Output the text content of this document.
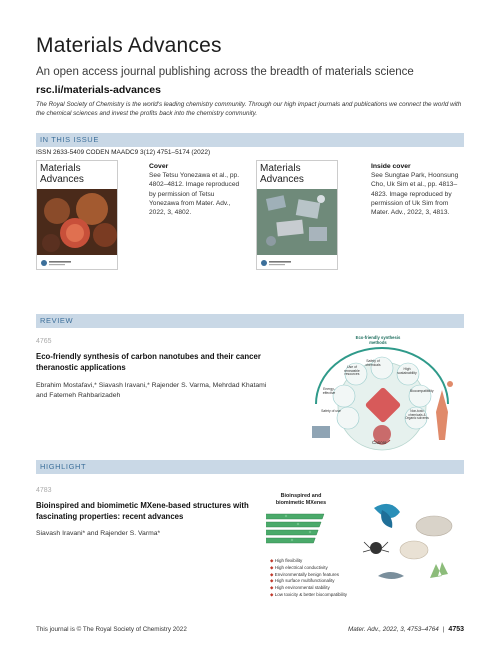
Materials Advances
An open access journal publishing across the breadth of materials science
rsc.li/materials-advances
The Royal Society of Chemistry is the world's leading chemistry community. Through our high impact journals and publications we connect the world with the chemical sciences and invest the profits back into the chemistry community.
IN THIS ISSUE
ISSN 2633-5409 CODEN MAADC9 3(12) 4751–5174 (2022)
Materials Advances
Cover
See Tetsu Yonezawa et al., pp. 4802–4812. Image reproduced by permission of Tetsu Yonezawa from Mater. Adv., 2022, 3, 4802.
Materials Advances
Inside cover
See Sungtae Park, Hoonsung Cho, Uk Sim et al., pp. 4813–4823. Image reproduced by permission of Uk Sim from Mater. Adv., 2022, 3, 4813.
REVIEW
4765
Eco-friendly synthesis of carbon nanotubes and their cancer theranostic applications
Ebrahim Mostafavi,* Siavash Iravani,* Rajender S. Varma, Mehrdad Khatami and Fatemeh Rahbarizadeh
HIGHLIGHT
4783
Bioinspired and biomimetic MXene-based structures with fascinating properties: recent advances
Siavash Iravani* and Rajender S. Varma*
Bioinspired and biomimetic MXenes
◆ High flexibility
◆ High electrical conductivity
◆ Environmentally benign features
◆ High surface multifunctionality
◆ High environmental stability
◆ Low toxicity & better biocompatibility
Eco-friendly synthesis methods
Cancer
Use of renewable resources
Energy-effective
High sustainability
Biocompatibility
Safety of use	Non-toxic chemicals & Organic solvents
Safety of chemicals
This journal is © The Royal Society of Chemistry 2022	Mater. Adv., 2022, 3, 4753–4764 | 4753
